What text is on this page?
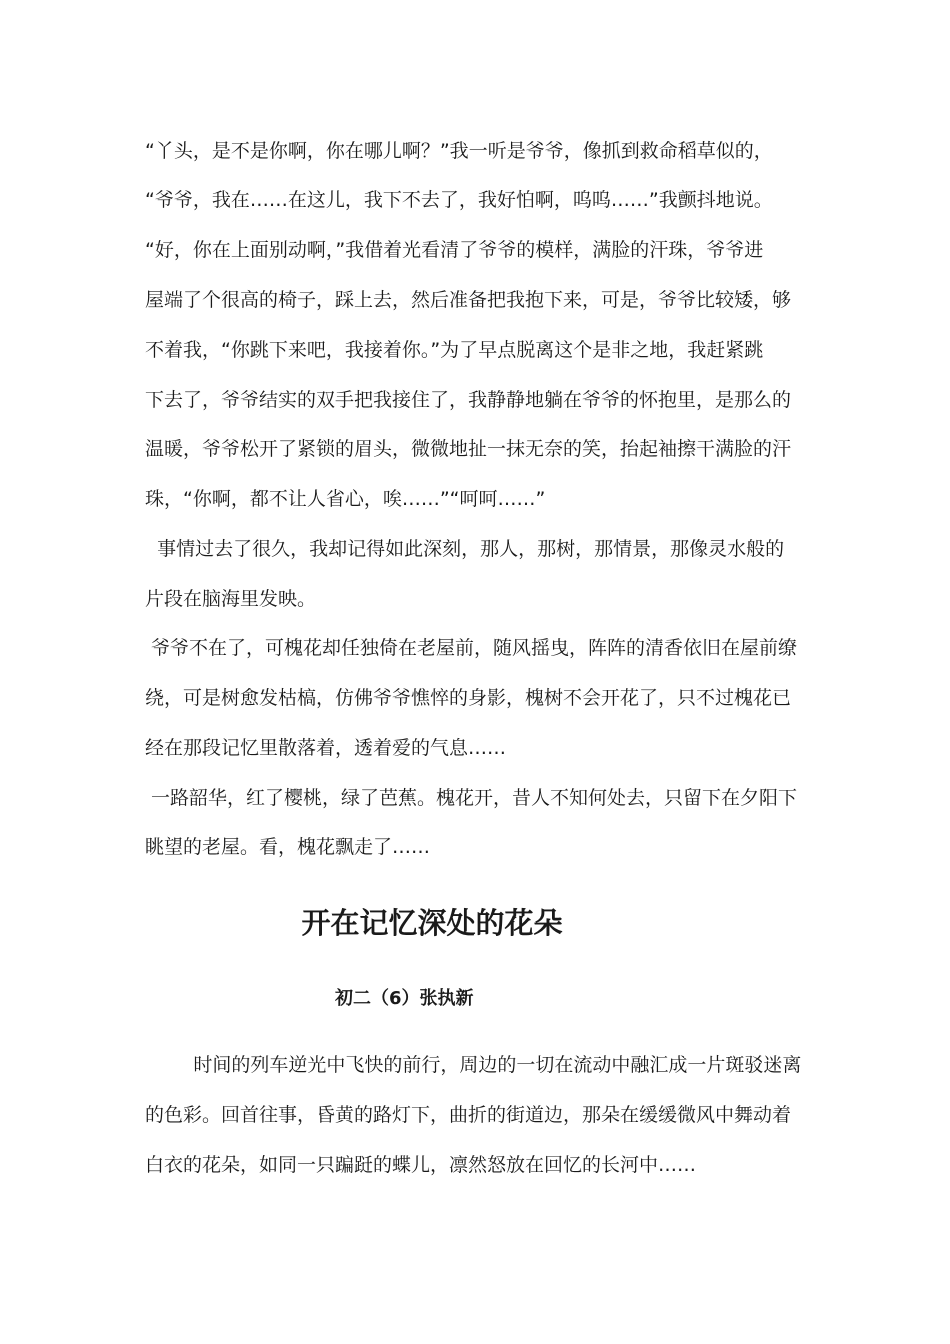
“丫头，是不是你啊，你在哪儿啊？”我一听是爷爷，像抓到救命稻草似的，
“爷爷，我在……在这儿，我下不去了，我好怕啊，呜呜……”我颤抖地说。
“好，你在上面别动啊，”我借着光看清了爷爷的模样，满脸的汗珠，爷爷进
屋端了个很高的椅子，踩上去，然后准备把我抱下来，可是，爷爷比较矮，够
不着我，“你跳下来吧，我接着你。”为了早点脱离这个是非之地，我赶紧跳
下去了，爷爷结实的双手把我接住了，我静静地躺在爷爷的怀抱里，是那么的
温暖，爷爷松开了紧锁的眉头，微微地扯一抹无奈的笑，抬起袖擦干满脸的汗
珠，“你啊，都不让人省心，唉……”“呵呵……”
事情过去了很久，我却记得如此深刻，那人，那树，那情景，那像灵水般的
片段在脑海里发映。
爷爷不在了，可槐花却任独倚在老屋前，随风摇曳，阵阵的清香依旧在屋前缭
绕，可是树愈发枯槁，仿佛爷爷憔悴的身影，槐树不会开花了，只不过槐花已
经在那段记忆里散落着，透着爱的气息……
一路韶华，红了樱桃，绿了芭蕉。槐花开，昔人不知何处去，只留下在夕阳下
眺望的老屋。看，槐花飘走了……
开在记忆深处的花朵
初二（6）张执新
时间的列车逆光中飞快的前行，周边的一切在流动中融汇成一片斑驳迷离
的色彩。回首往事，昏黄的路灯下，曲折的街道边，那朵在缓缓微风中舞动着
白衣的花朵，如同一只蹁跹的蝶儿，凛然怒放在回忆的长河中……
